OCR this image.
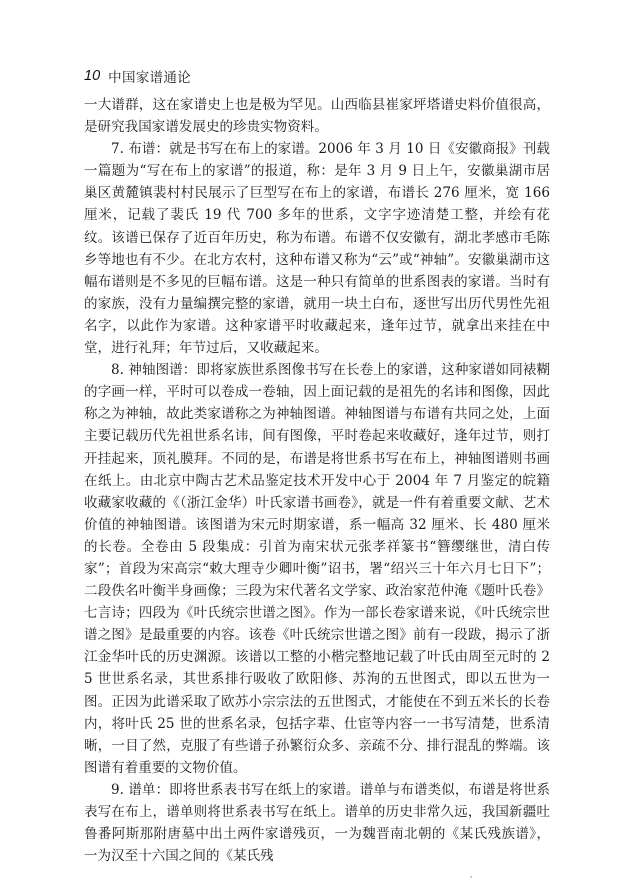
10 中国家谱通论

一大谱群，这在家谱史上也是极为罕见。山西临县崔家坪塔谱史料价值很高，是研究我国家谱发展史的珍贵实物资料。

7. 布谱：就是书写在布上的家谱。2006 年 3 月 10 日《安徽商报》刊载一篇题为“写在布上的家谱”的报道，称：是年 3 月 9 日上午，安徽巢湖市居巢区黄麓镇裴村村民展示了巨型写在布上的家谱，布谱长 276 厘米，宽 166 厘米，记载了裴氏 19 代 700 多年的世系，文字字迹清楚工整，并绘有花纹。该谱已保存了近百年历史，称为布谱。布谱不仅安徽有，湖北孝感市毛陈乡等地也有不少。在北方农村，这种布谱又称为“云”或“神轴”。安徽巢湖市这幅布谱则是不多见的巨幅布谱。这是一种只有简单的世系图表的家谱。当时有的家族，没有力量编撰完整的家谱，就用一块土白布，逐世写出历代男性先祖名字，以此作为家谱。这种家谱平时收藏起来，逢年过节，就拿出来挂在中堂，进行礼拜；年节过后，又收藏起来。

8. 神轴图谱：即将家族世系图像书写在长卷上的家谱，这种家谱如同裱糊的字画一样，平时可以卷成一卷轴，因上面记载的是祖先的名讳和图像，因此称之为神轴，故此类家谱称之为神轴图谱。神轴图谱与布谱有共同之处，上面主要记载历代先祖世系名讳，间有图像，平时卷起来收藏好，逢年过节，则打开挂起来，顶礼膜拜。不同的是，布谱是将世系书写在布上，神轴图谱则书画在纸上。由北京中陶古艺术品鉴定技术开发中心于 2004 年 7 月鉴定的皖籍收藏家收藏的《（浙江金华）叶氏家谱书画卷》，就是一件有着重要文献、艺术价值的神轴图谱。该图谱为宋元时期家谱，系一幅高 32 厘米、长 480 厘米的长卷。全卷由 5 段集成：引首为南宋状元张孝祥篆书“簪缨继世，清白传家”；首段为宋高宗“敕大理寺少卿叶衡”诏书，署“绍兴三十年六月七日下”；二段佚名叶衡半身画像；三段为宋代著名文学家、政治家范仲淹《题叶氏卷》七言诗；四段为《叶氏统宗世谱之图》。作为一部长卷家谱来说，《叶氏统宗世谱之图》是最重要的内容。该卷《叶氏统宗世谱之图》前有一段跋，揭示了浙江金华叶氏的历史渊源。该谱以工整的小楷完整地记载了叶氏由周至元时的 25 世世系名录，其世系排行吸收了欧阳修、苏洵的五世图式，即以五世为一图。正因为此谱采取了欧苏小宗宗法的五世图式，才能使在不到五米长的长卷内，将叶氏 25 世的世系名录，包括字辈、仕宦等内容一一书写清楚，世系清晰，一目了然，克服了有些谱子孙繁衍众多、亲疏不分、排行混乱的弊端。该图谱有着重要的文物价值。

9. 谱单：即将世系表书写在纸上的家谱。谱单与布谱类似，布谱是将世系表写在布上，谱单则将世系表书写在纸上。谱单的历史非常久远，我国新疆吐鲁番阿斯那附唐墓中出土两件家谱残页，一为魏晋南北朝的《某氏残族谱》，一为汉至十六国之间的《某氏残
